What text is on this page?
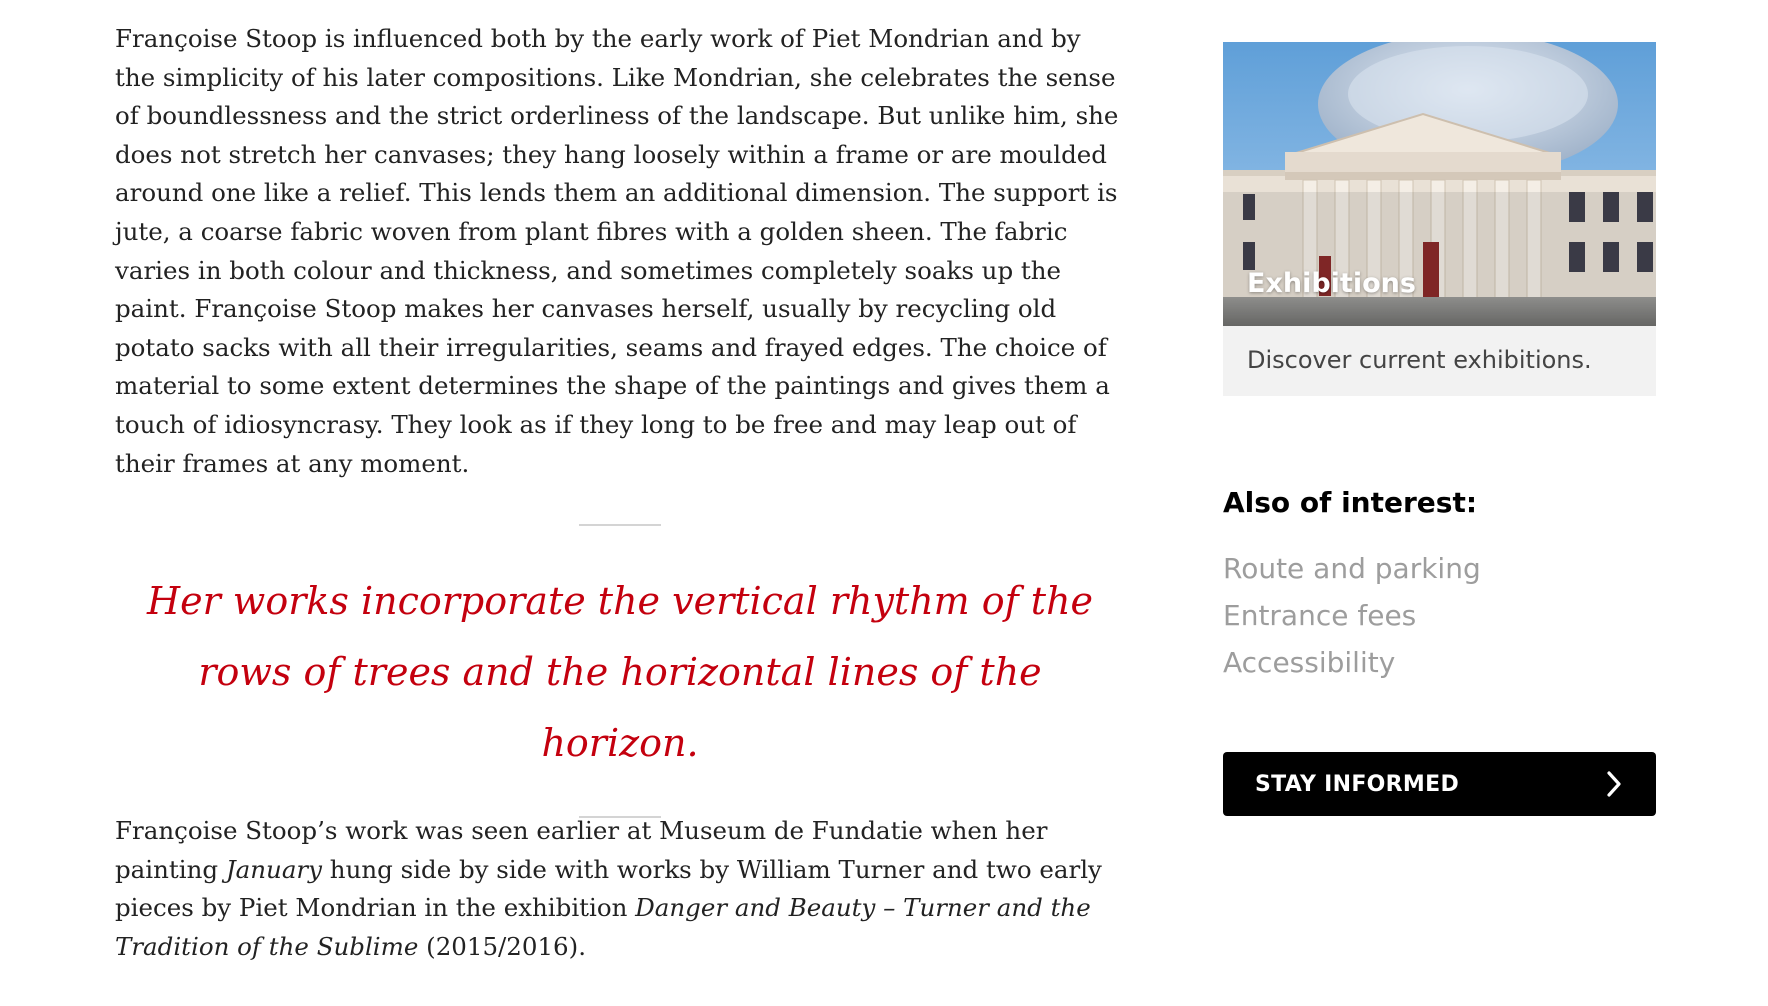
Françoise Stoop is influenced both by the early work of Piet Mondrian and by the simplicity of his later compositions. Like Mondrian, she celebrates the sense of boundlessness and the strict orderliness of the landscape. But unlike him, she does not stretch her canvases; they hang loosely within a frame or are moulded around one like a relief. This lends them an additional dimension. The support is jute, a coarse fabric woven from plant fibres with a golden sheen. The fabric varies in both colour and thickness, and sometimes completely soaks up the paint. Françoise Stoop makes her canvases herself, usually by recycling old potato sacks with all their irregularities, seams and frayed edges. The choice of material to some extent determines the shape of the paintings and gives them a touch of idiosyncrasy. They look as if they long to be free and may leap out of their frames at any moment.

Her works incorporate the vertical rhythm of the rows of trees and the horizontal lines of the horizon.

Françoise Stoop’s work was seen earlier at Museum de Fundatie when her painting January hung side by side with works by William Turner and two early pieces by Piet Mondrian in the exhibition Danger and Beauty – Turner and the Tradition of the Sublime (2015/2016).

Exhibitions
Discover current exhibitions.
Also of interest:
Route and parking
Entrance fees
Accessibility
STAY INFORMED
